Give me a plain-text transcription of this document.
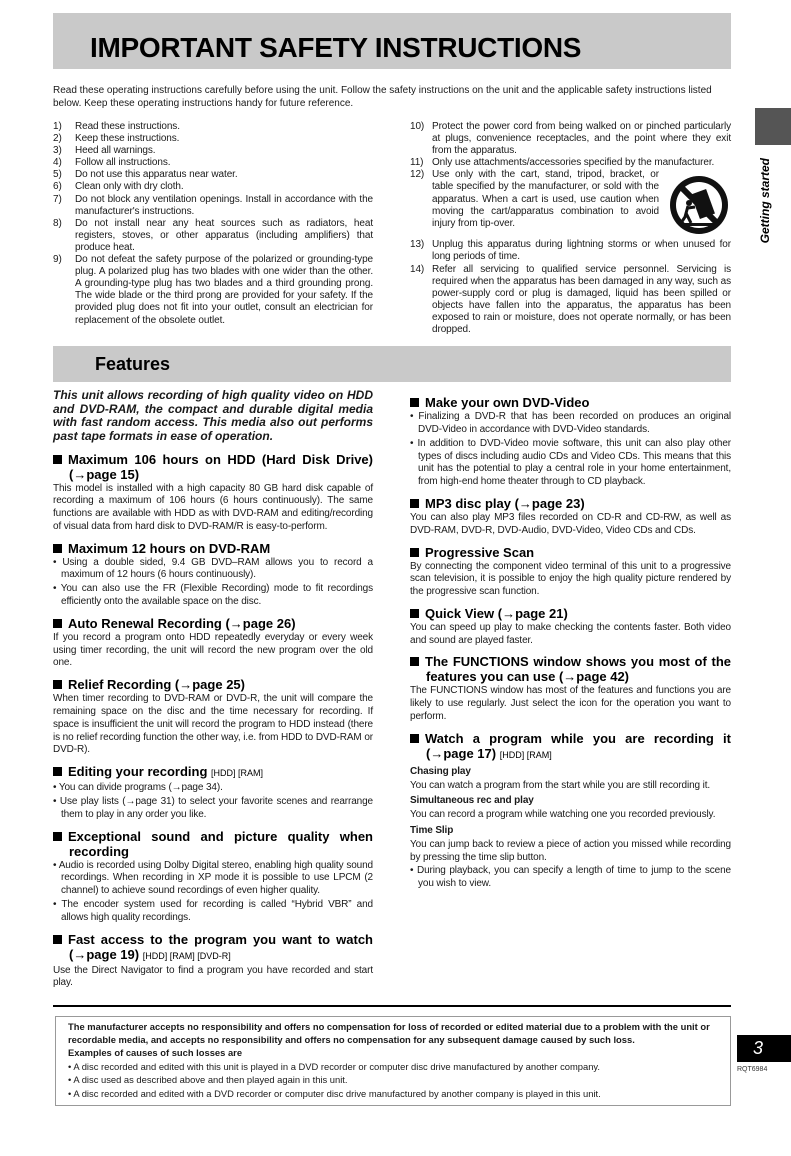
IMPORTANT SAFETY INSTRUCTIONS

Read these operating instructions carefully before using the unit. Follow the safety instructions on the unit and the applicable safety instructions listed below. Keep these operating instructions handy for future reference.

Getting started
1)	Read these instructions.
2)	Keep these instructions.
3)	Heed all warnings.
4)	Follow all instructions.
5)	Do not use this apparatus near water.
6)	Clean only with dry cloth.
7)	Do not block any ventilation openings. Install in accordance with the manufacturer's instructions.
8)	Do not install near any heat sources such as radiators, heat registers, stoves, or other apparatus (including amplifiers) that produce heat.
9)	Do not defeat the safety purpose of the polarized or grounding-type plug. A polarized plug has two blades with one wider than the other. A grounding-type plug has two blades and a third grounding prong. The wide blade or the third prong are provided for your safety. If the provided plug does not fit into your outlet, consult an electrician for replacement of the obsolete outlet.
10) Protect the power cord from being walked on or pinched particularly at plugs, convenience receptacles, and the point where they exit from the apparatus.
11) Only use attachments/accessories specified by the manufacturer.
12) Use only with the cart, stand, tripod, bracket, or table specified by the manufacturer, or sold with the apparatus. When a cart is used, use caution when moving the cart/apparatus combination to avoid injury from tip-over.
13) Unplug this apparatus during lightning storms or when unused for long periods of time.
14) Refer all servicing to qualified service personnel. Servicing is required when the apparatus has been damaged in any way, such as power-supply cord or plug is damaged, liquid has been spilled or objects have fallen into the apparatus, the apparatus has been exposed to rain or moisture, does not operate normally, or has been dropped.
Features

This unit allows recording of high quality video on HDD and DVD-RAM, the compact and durable digital media with fast random access. This media also out performs past tape formats in ease of operation.

Maximum 106 hours on HDD (Hard Disk Drive) (→page 15)

This model is installed with a high capacity 80 GB hard disk capable of recording a maximum of 106 hours (6 hours continuously). The same functions are available with HDD as with DVD-RAM and editing/recording of visual data from hard disk to DVD-RAM/R is easy-to-perform.

Maximum 12 hours on DVD-RAM

• Using a double sided, 9.4 GB DVD–RAM allows you to record a maximum of 12 hours (6 hours continuously).

• You can also use the FR (Flexible Recording) mode to fit recordings efficiently onto the available space on the disc.

Auto Renewal Recording (→page 26)

If you record a program onto HDD repeatedly everyday or every week using timer recording, the unit will record the new program over the old one.

Relief Recording (→page 25)

When timer recording to DVD-RAM or DVD-R, the unit will compare the remaining space on the disc and the time necessary for recording. If space is insufficient the unit will record the program to HDD instead (there is no relief recording function the other way, i.e. from HDD to DVD-RAM or DVD-R).

Editing your recording [HDD] [RAM]

• You can divide programs (→page 34).

• Use play lists (→page 31) to select your favorite scenes and rearrange them to play in any order you like.

Exceptional sound and picture quality when recording

• Audio is recorded using Dolby Digital stereo, enabling high quality sound recordings. When recording in XP mode it is possible to use LPCM (2 channel) to achieve sound recordings of even higher quality.

• The encoder system used for recording is called “Hybrid VBR” and allows high quality recordings.

Fast access to the program you want to watch (→page 19) [HDD] [RAM] [DVD-R]

Use the Direct Navigator to find a program you have recorded and start play.

Make your own DVD-Video

• Finalizing a DVD-R that has been recorded on produces an original DVD-Video in accordance with DVD-Video standards.

• In addition to DVD-Video movie software, this unit can also play other types of discs including audio CDs and Video CDs. This means that this unit has the potential to play a central role in your home entertainment, from high-end home theater through to CD playback.

MP3 disc play (→page 23)

You can also play MP3 files recorded on CD-R and CD-RW, as well as DVD-RAM, DVD-R, DVD-Audio, DVD-Video, Video CDs and CDs.

Progressive Scan

By connecting the component video terminal of this unit to a progressive scan television, it is possible to enjoy the high quality picture rendered by the progressive scan function.

Quick View (→page 21)

You can speed up play to make checking the contents faster. Both video and sound are played faster.

The FUNCTIONS window shows you most of the features you can use (→page 42)

The FUNCTIONS window has most of the features and functions you are likely to use regularly. Just select the icon for the operation you want to perform.

Watch a program while you are recording it (→page 17) [HDD] [RAM]

Chasing play

You can watch a program from the start while you are still recording it.

Simultaneous rec and play

You can record a program while watching one you recorded previously.

Time Slip

You can jump back to review a piece of action you missed while recording by pressing the time slip button.

• During playback, you can specify a length of time to jump to the scene you wish to view.

The manufacturer accepts no responsibility and offers no compensation for loss of recorded or edited material due to a problem with the unit or recordable media, and accepts no responsibility and offers no compensation for any subsequent damage caused by such loss.

Examples of causes of such losses are

• A disc recorded and edited with this unit is played in a DVD recorder or computer disc drive manufactured by another company.

• A disc used as described above and then played again in this unit.

• A disc recorded and edited with a DVD recorder or computer disc drive manufactured by another company is played in this unit.

3
RQT6984
